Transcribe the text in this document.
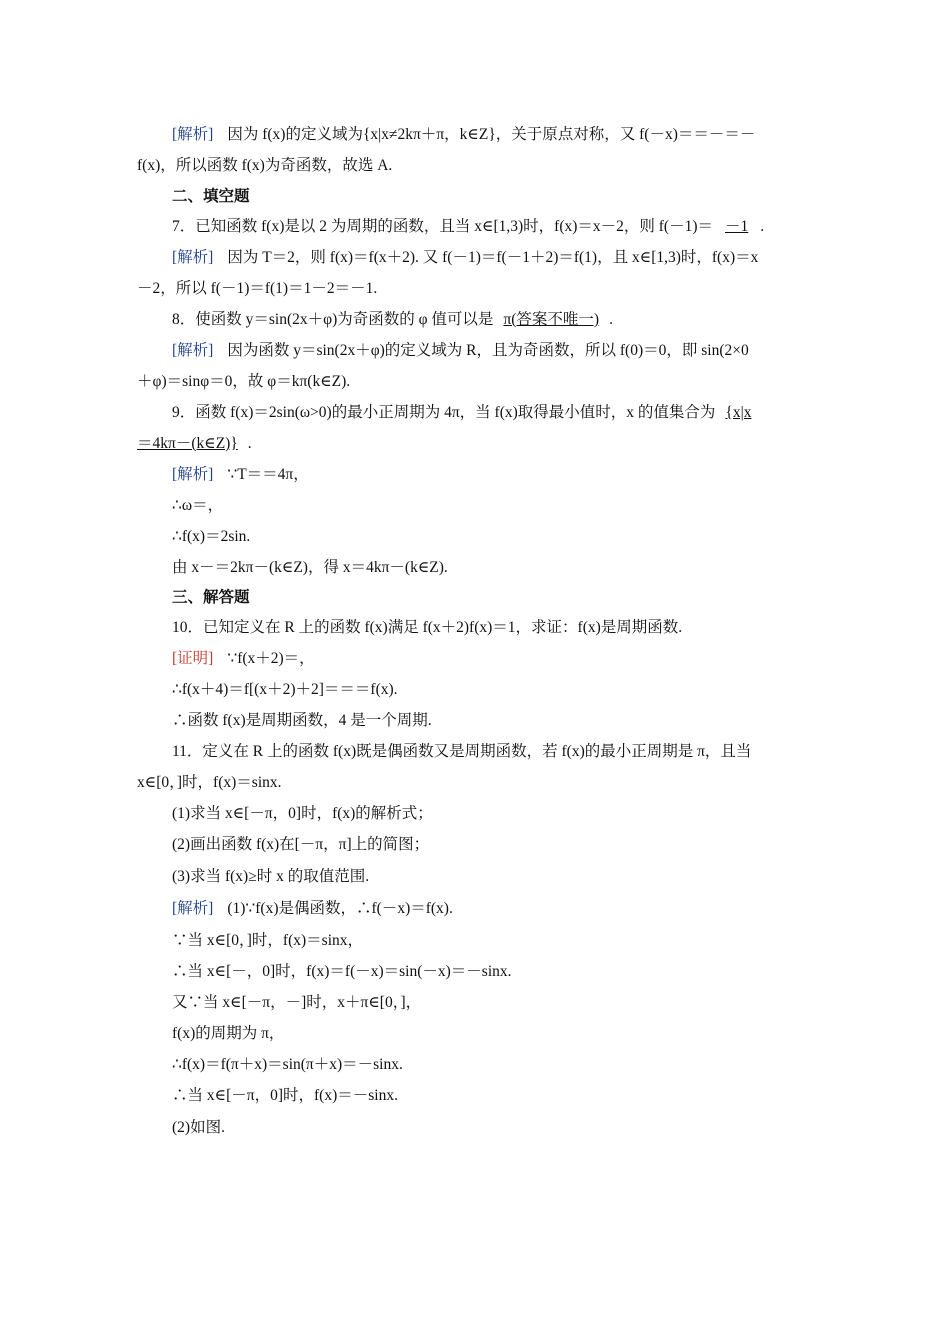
[解析] 因为 f(x)的定义域为{x|x≠2kπ＋π，k∈Z}，关于原点对称，又 f(－x)＝＝－＝－
f(x)，所以函数 f(x)为奇函数，故选 A.
二、填空题
7．已知函数 f(x)是以 2 为周期的函数，且当 x∈[1,3)时，f(x)＝x－2，则 f(－1)＝ －1 .
[解析] 因为 T＝2，则 f(x)＝f(x＋2). 又 f(－1)＝f(－1＋2)＝f(1)，且 x∈[1,3)时，f(x)＝x
－2，所以 f(－1)＝f(1)＝1－2＝－1.
8．使函数 y＝sin(2x＋φ)为奇函数的 φ 值可以是 π(答案不唯一) .
[解析] 因为函数 y＝sin(2x＋φ)的定义域为 R，且为奇函数，所以 f(0)＝0，即 sin(2×0
＋φ)＝sinφ＝0，故 φ＝kπ(k∈Z).
9．函数 f(x)＝2sin(ω>0)的最小正周期为 4π，当 f(x)取得最小值时，x 的值集合为 {x|x
＝4kπ－(k∈Z)} .
[解析] ∵T＝＝4π，
∴ω＝，
∴f(x)＝2sin.
由 x－＝2kπ－(k∈Z)，得 x＝4kπ－(k∈Z).
三、解答题
10．已知定义在 R 上的函数 f(x)满足 f(x＋2)f(x)＝1，求证：f(x)是周期函数.
[证明] ∵f(x＋2)＝，
∴f(x＋4)＝f[(x＋2)＋2]＝＝＝f(x).
∴函数 f(x)是周期函数，4 是一个周期.
11．定义在 R 上的函数 f(x)既是偶函数又是周期函数，若 f(x)的最小正周期是 π，且当
x∈[0，]时，f(x)＝sinx.
(1)求当 x∈[－π，0]时，f(x)的解析式；
(2)画出函数 f(x)在[－π，π]上的简图；
(3)求当 f(x)≥时 x 的取值范围.
[解析] (1)∵f(x)是偶函数，∴f(－x)＝f(x).
∵当 x∈[0，]时，f(x)＝sinx，
∴当 x∈[－，0]时，f(x)＝f(－x)＝sin(－x)＝－sinx.
又∵当 x∈[－π，－]时，x＋π∈[0，]，
f(x)的周期为 π，
∴f(x)＝f(π＋x)＝sin(π＋x)＝－sinx.
∴当 x∈[－π，0]时，f(x)＝－sinx.
(2)如图.
